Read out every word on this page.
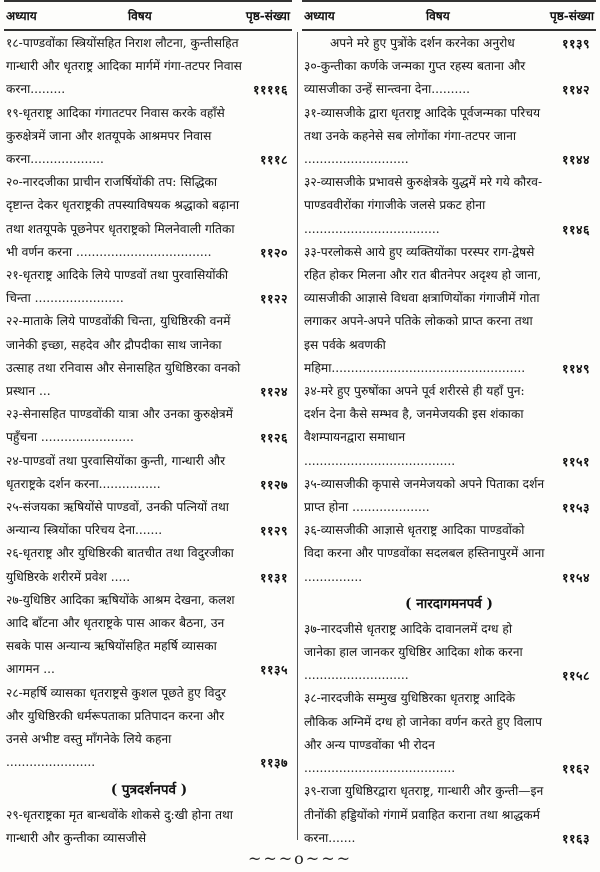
अध्याय	विषय	पृष्ठ-संख्या अध्याय	विषय	पृष्ठ-संख्या
१८-पाण्डवोंका स्त्रियोंसहित निराश लौटना, कुन्तीसहित गान्धारी और धृतराष्ट्र आदिका मार्गमें गंगा-तटपर निवास करना.........	११११६
१९-धृतराष्ट्र आदिका गंगातटपर निवास करके वहाँसे कुरुक्षेत्रमें जाना और शतयूपके आश्रमपर निवास करना...................	१११८
२०-नारदजीका प्राचीन राजर्षियोंकी तप: सिद्धिका दृष्टान्त देकर धृतराष्ट्रकी तपस्याविषयक श्रद्धाको बढ़ाना तथा शतयूपके पूछनेपर धृतराष्ट्रको मिलनेवाली गतिका भी वर्णन करना ...................................	११२०
२१-धृतराष्ट्र आदिके लिये पाण्डवों तथा पुरवासियोंकी चिन्ता .......................	११२२
२२-माताके लिये पाण्डवोंकी चिन्ता, युधिष्ठिरकी वनमें जानेकी इच्छा, सहदेव और द्रौपदीका साथ जानेका उत्साह तथा रनिवास और सेनासहित युधिष्ठिरका वनको प्रस्थान ...	११२४
२३-सेनासहित पाण्डवोंकी यात्रा और उनका कुरुक्षेत्रमें पहुँचना ........................	११२६
२४-पाण्डवों तथा पुरवासियोंका कुन्ती, गान्धारी और धृतराष्ट्रके दर्शन करना................	११२७
२५-संजयका ऋषियोंसे पाण्डवों, उनकी पत्नियों तथा अन्यान्य स्त्रियोंका परिचय देना.......	११२९
२६-धृतराष्ट्र और युधिष्ठिरकी बातचीत तथा विदुरजीका युधिष्ठिरके शरीरमें प्रवेश .....	११३१
२७-युधिष्ठिर आदिका ऋषियोंके आश्रम देखना, कलश आदि बाँटना और धृतराष्ट्रके पास आकर बैठना, उन सबके पास अन्यान्य ऋषियोंसहित महर्षि व्यासका आगमन ...	११३५
२८-महर्षि व्यासका धृतराष्ट्रसे कुशल पूछते हुए विदुर और युधिष्ठिरकी धर्मरूपताका प्रतिपादन करना और उनसे अभीष्ट वस्तु माँगनेके लिये कहना .......................	११३७
( पुत्रदर्शनपर्व )
२९-धृतराष्ट्रका मृत बान्धवोंके शोकसे दु:खी होना तथा गान्धारी और कुन्तीका व्यासजीसे
अपने मरे हुए पुत्रोंके दर्शन करनेका अनुरोध	११३९
३०-कुन्तीका कर्णके जन्मका गुप्त रहस्य बताना और व्यासजीका उन्हें सान्त्वना देना..........	११४२
३१-व्यासजीके द्वारा धृतराष्ट्र आदिके पूर्वजन्मका परिचय तथा उनके कहनेसे सब लोगोंका गंगा-तटपर जाना ...........................	११४४
३२-व्यासजीके प्रभावसे कुरुक्षेत्रके युद्धमें मरे गये कौरव-पाण्डववीरोंका गंगाजीके जलसे प्रकट होना ...................................	११४६
३३-परलोकसे आये हुए व्यक्तियोंका परस्पर राग-द्वेषसे रहित होकर मिलना और रात बीतनेपर अदृश्य हो जाना, व्यासजीकी आज्ञासे विधवा क्षत्राणियोंका गंगाजीमें गोता लगाकर अपने-अपने पतिके लोकको प्राप्त करना तथा इस पर्वके श्रवणकी महिमा..................................................	११४९
३४-मरे हुए पुरुषोंका अपने पूर्व शरीरसे ही यहाँ पुन: दर्शन देना कैसे सम्भव है, जनमेजयकी इस शंकाका वैशम्पायनद्वारा समाधान .......................................	११५१
३५-व्यासजीकी कृपासे जनमेजयको अपने पिताका दर्शन प्राप्त होना ....................	११५३
३६-व्यासजीकी आज्ञासे धृतराष्ट्र आदिका पाण्डवोंको विदा करना और पाण्डवोंका सदलबल हस्तिनापुरमें आना ...............	११५४
( नारदागमनपर्व )
३७-नारदजीसे धृतराष्ट्र आदिके दावानलमें दग्ध हो जानेका हाल जानकर युधिष्ठिर आदिका शोक करना ...........................	११५८
३८-नारदजीके सम्मुख युधिष्ठिरका धृतराष्ट्र आदिके लौकिक अग्निमें दग्ध हो जानेका वर्णन करते हुए विलाप और अन्य पाण्डवोंका भी रोदन .......................................	११६२
३९-राजा युधिष्ठिरद्वारा धृतराष्ट्र, गान्धारी और कुन्ती—इन तीनोंकी हड्डियोंको गंगामें प्रवाहित कराना तथा श्राद्धकर्म करना.......	११६३
~~~o~~~
